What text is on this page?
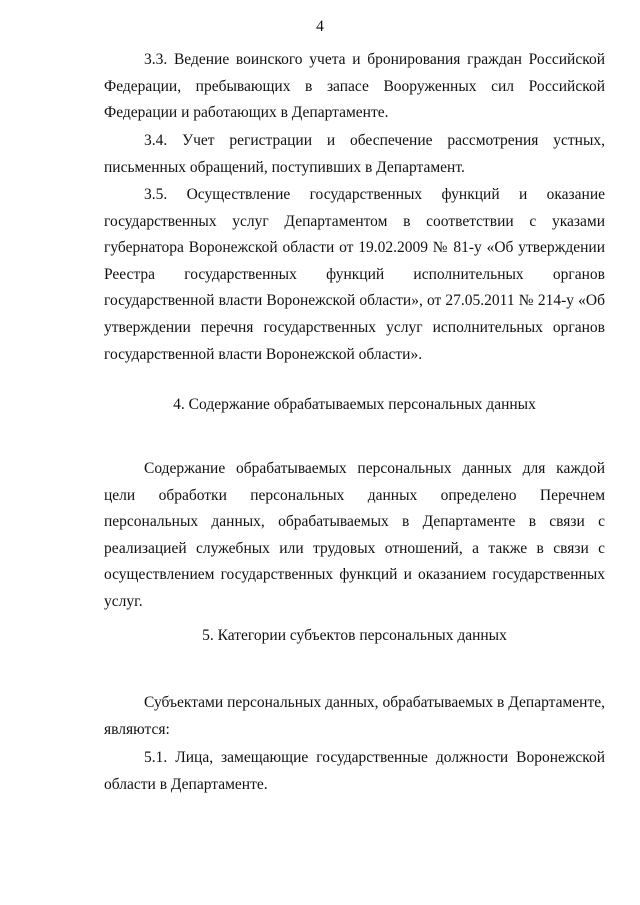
4

3.3. Ведение воинского учета и бронирования граждан Российской Федерации, пребывающих в запасе Вооруженных сил Российской Федерации и работающих в Департаменте.

3.4. Учет регистрации и обеспечение рассмотрения устных, письменных обращений, поступивших в Департамент.

3.5. Осуществление государственных функций и оказание государственных услуг Департаментом в соответствии с указами губернатора Воронежской области от 19.02.2009 № 81-у «Об утверждении Реестра государственных функций исполнительных органов государственной власти Воронежской области», от 27.05.2011 № 214-у «Об утверждении перечня государственных услуг исполнительных органов государственной власти Воронежской области».

4. Содержание обрабатываемых персональных данных

Содержание обрабатываемых персональных данных для каждой цели обработки персональных данных определено Перечнем персональных данных, обрабатываемых в Департаменте в связи с реализацией служебных или трудовых отношений, а также в связи с осуществлением государственных функций и оказанием государственных услуг.

5. Категории субъектов персональных данных

Субъектами персональных данных, обрабатываемых в Департаменте, являются:

5.1. Лица, замещающие государственные должности Воронежской области в Департаменте.
